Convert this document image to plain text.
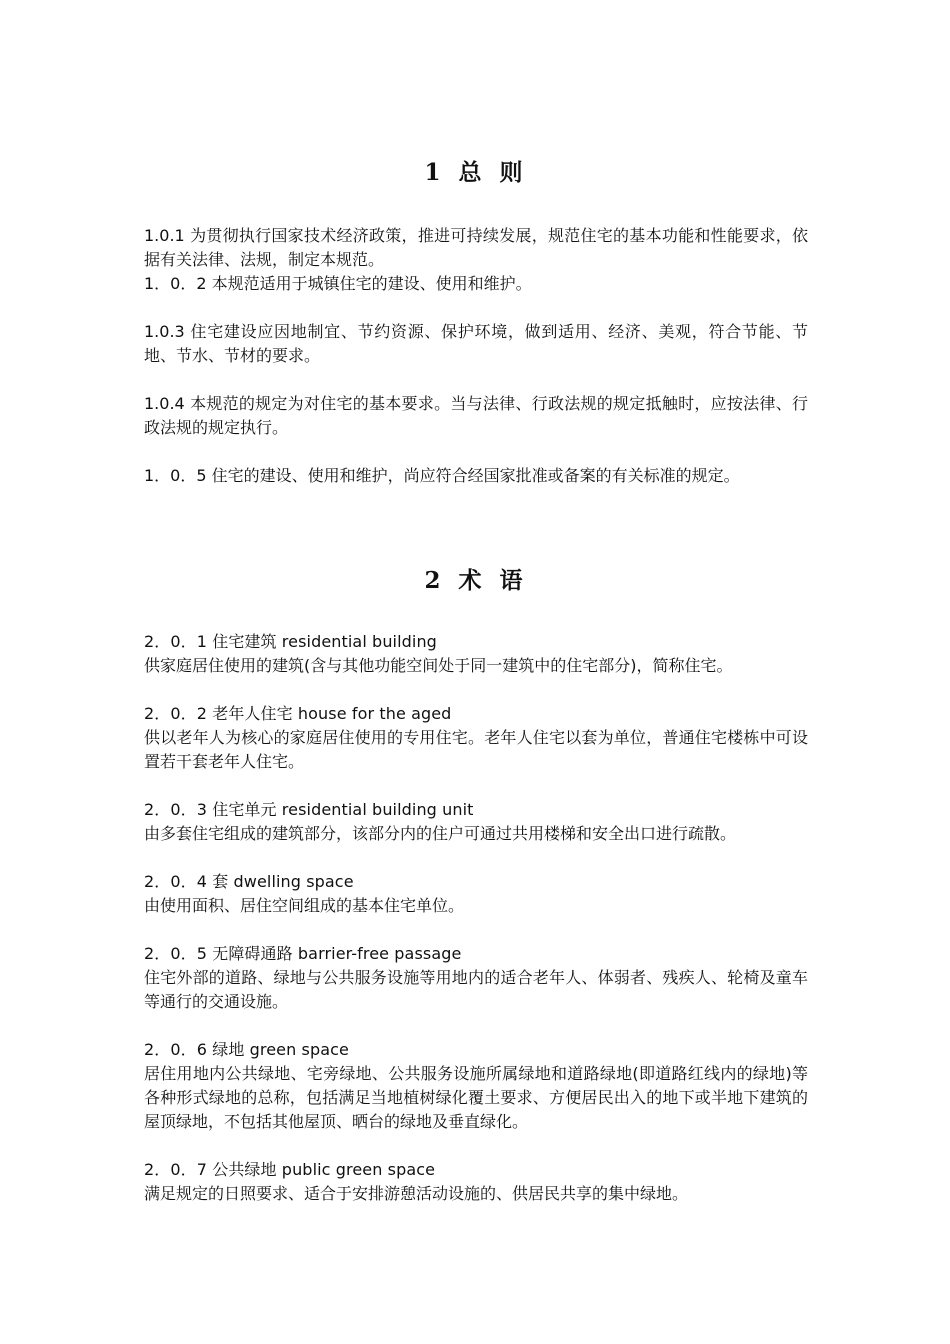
1 总 则

1.0.1 为贯彻执行国家技术经济政策，推进可持续发展，规范住宅的基本功能和性能要求，依据有关法律、法规，制定本规范。

1．0．2 本规范适用于城镇住宅的建设、使用和维护。

1.0.3 住宅建设应因地制宜、节约资源、保护环境，做到适用、经济、美观，符合节能、节地、节水、节材的要求。

1.0.4 本规范的规定为对住宅的基本要求。当与法律、行政法规的规定抵触时，应按法律、行政法规的规定执行。

1．0．5 住宅的建设、使用和维护，尚应符合经国家批准或备案的有关标准的规定。

2 术 语

2．0．1 住宅建筑 residential building

供家庭居住使用的建筑(含与其他功能空间处于同一建筑中的住宅部分)，简称住宅。

2．0．2 老年人住宅 house for the aged

供以老年人为核心的家庭居住使用的专用住宅。老年人住宅以套为单位，普通住宅楼栋中可设置若干套老年人住宅。

2．0．3 住宅单元 residential building unit

由多套住宅组成的建筑部分，该部分内的住户可通过共用楼梯和安全出口进行疏散。

2．0．4 套 dwelling space

由使用面积、居住空间组成的基本住宅单位。

2．0．5 无障碍通路 barrier-free passage

住宅外部的道路、绿地与公共服务设施等用地内的适合老年人、体弱者、残疾人、轮椅及童车等通行的交通设施。

2．0．6 绿地 green space

居住用地内公共绿地、宅旁绿地、公共服务设施所属绿地和道路绿地(即道路红线内的绿地)等各种形式绿地的总称，包括满足当地植树绿化覆土要求、方便居民出入的地下或半地下建筑的屋顶绿地，不包括其他屋顶、晒台的绿地及垂直绿化。

2．0．7 公共绿地 public green space

满足规定的日照要求、适合于安排游憩活动设施的、供居民共享的集中绿地。
